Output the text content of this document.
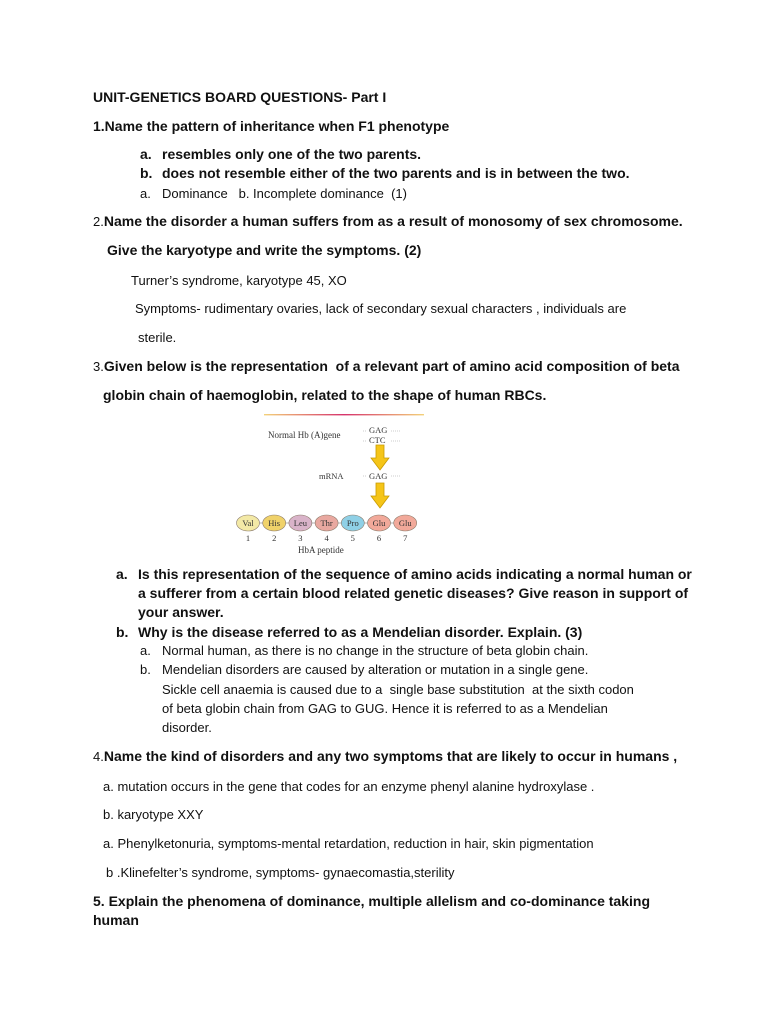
UNIT-GENETICS BOARD QUESTIONS- Part I
1.Name the pattern of inheritance when F1 phenotype
a. resembles only one of the two parents.
b. does not resemble either of the two parents and is in between the two.
a. Dominance   b. Incomplete dominance  (1)
2.Name the disorder a human suffers from as a result of monosomy of sex chromosome.
Give the karyotype and write the symptoms. (2)
Turner’s syndrome, karyotype 45, XO
Symptoms- rudimentary ovaries, lack of secondary sexual characters , individuals are
sterile.
3.Given below is the representation  of a relevant part of amino acid composition of beta
globin chain of haemoglobin, related to the shape of human RBCs.
Normal Hb (A)gene	GAG
CTC
mRNA	GAG
Val
1
His
2
Leu
3
Thr
4
Pro
5
Glu
6
Glu
7
HbA peptide
a. Is this representation of the sequence of amino acids indicating a normal human or
a sufferer from a certain blood related genetic diseases? Give reason in support of
your answer.
b. Why is the disease referred to as a Mendelian disorder. Explain. (3)
a. Normal human, as there is no change in the structure of beta globin chain.
b. Mendelian disorders are caused by alteration or mutation in a single gene.
Sickle cell anaemia is caused due to a  single base substitution  at the sixth codon
of beta globin chain from GAG to GUG. Hence it is referred to as a Mendelian
disorder.
4.Name the kind of disorders and any two symptoms that are likely to occur in humans ,
a. mutation occurs in the gene that codes for an enzyme phenyl alanine hydroxylase .
b. karyotype XXY
a. Phenylketonuria, symptoms-mental retardation, reduction in hair, skin pigmentation
b .Klinefelter’s syndrome, symptoms- gynaecomastia,sterility
5. Explain the phenomena of dominance, multiple allelism and co-dominance taking
human
